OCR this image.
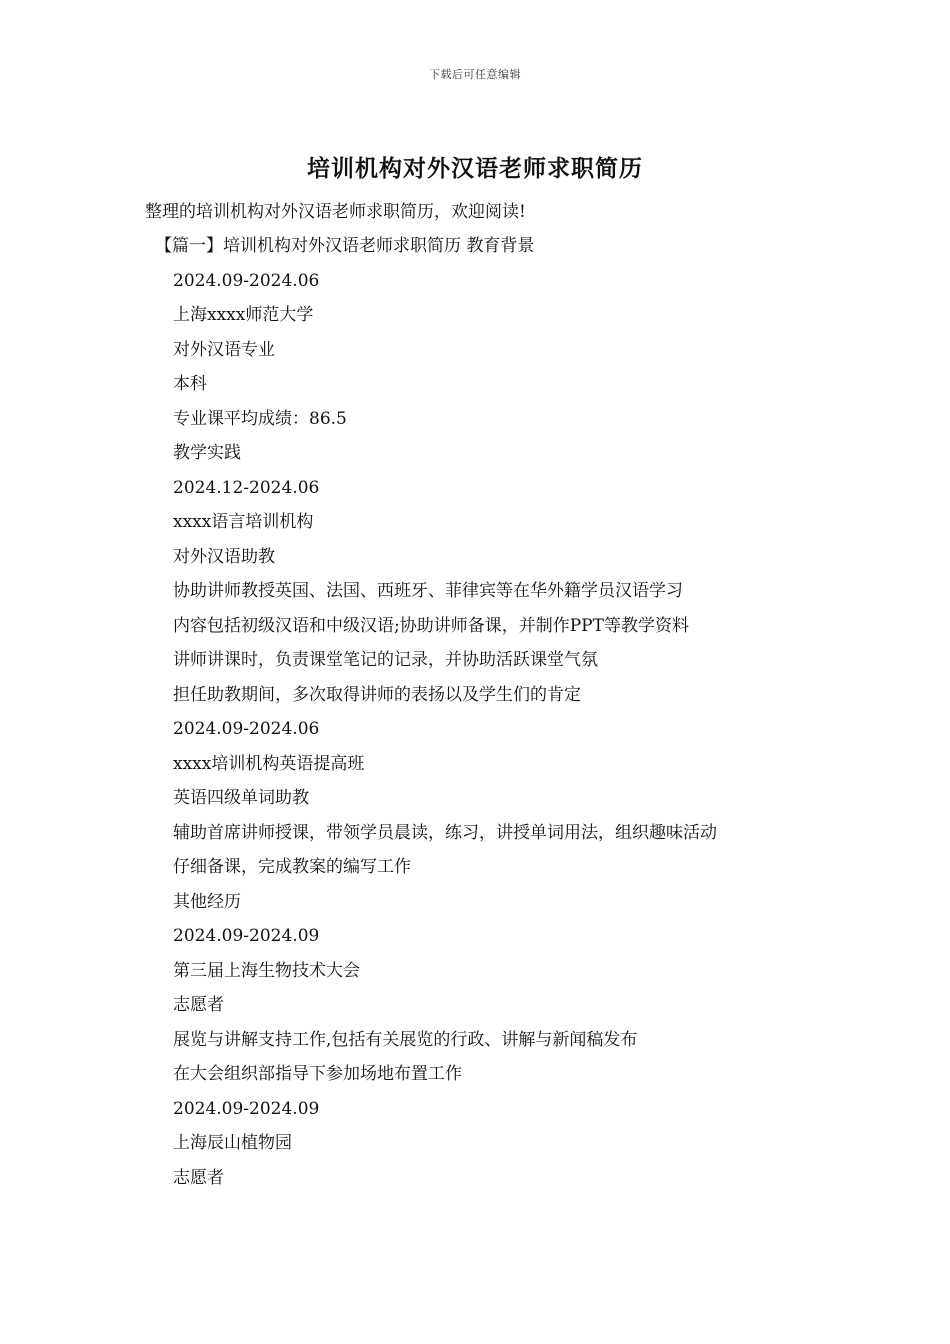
下载后可任意编辑
培训机构对外汉语老师求职简历
整理的培训机构对外汉语老师求职简历，欢迎阅读!
【篇一】培训机构对外汉语老师求职简历 教育背景
2024.09-2024.06
上海xxxx师范大学
对外汉语专业
本科
专业课平均成绩：86.5
教学实践
2024.12-2024.06
xxxx语言培训机构
对外汉语助教
协助讲师教授英国、法国、西班牙、菲律宾等在华外籍学员汉语学习
内容包括初级汉语和中级汉语;协助讲师备课，并制作PPT等教学资料
讲师讲课时，负责课堂笔记的记录，并协助活跃课堂气氛
担任助教期间，多次取得讲师的表扬以及学生们的肯定
2024.09-2024.06
xxxx培训机构英语提高班
英语四级单词助教
辅助首席讲师授课，带领学员晨读，练习，讲授单词用法，组织趣味活动
仔细备课，完成教案的编写工作
其他经历
2024.09-2024.09
第三届上海生物技术大会
志愿者
展览与讲解支持工作,包括有关展览的行政、讲解与新闻稿发布
在大会组织部指导下参加场地布置工作
2024.09-2024.09
上海辰山植物园
志愿者
